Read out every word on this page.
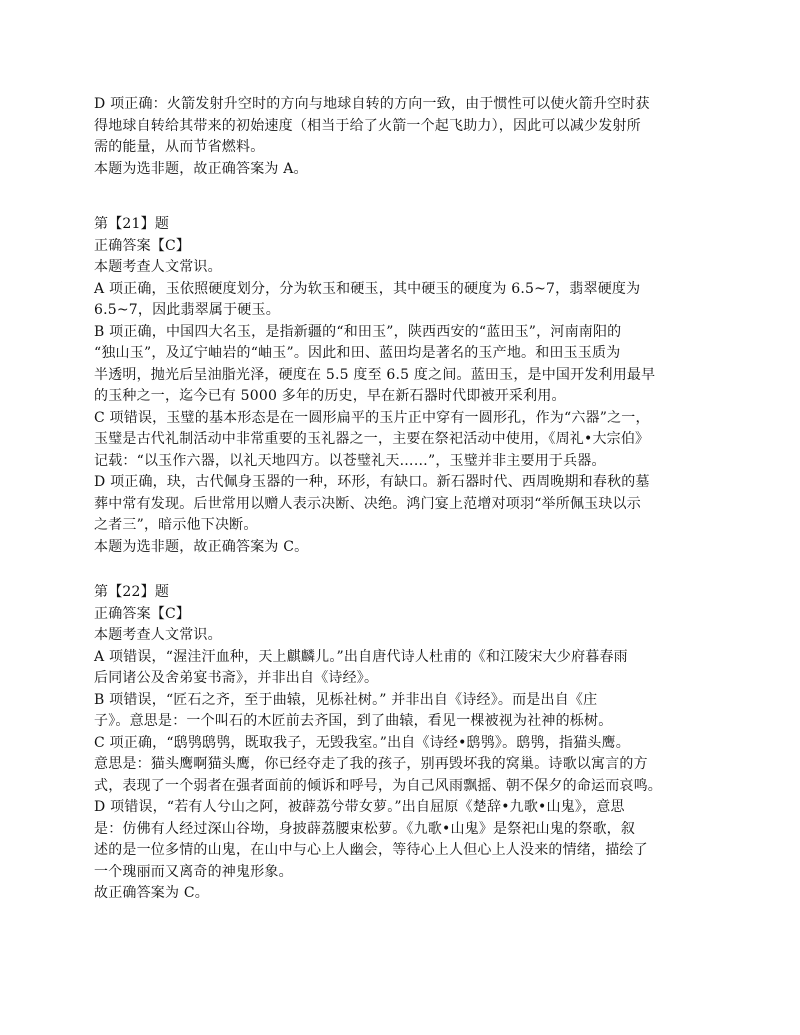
D 项正确：火箭发射升空时的方向与地球自转的方向一致，由于惯性可以使火箭升空时获
得地球自转给其带来的初始速度（相当于给了火箭一个起飞助力），因此可以减少发射所
需的能量，从而节省燃料。
本题为选非题，故正确答案为 A。
第【21】题
正确答案【C】
本题考查人文常识。
A 项正确，玉依照硬度划分，分为软玉和硬玉，其中硬玉的硬度为 6.5~7，翡翠硬度为
6.5~7，因此翡翠属于硬玉。
B 项正确，中国四大名玉，是指新疆的“和田玉”，陕西西安的“蓝田玉”，河南南阳的
“独山玉”，及辽宁岫岩的“岫玉”。因此和田、蓝田均是著名的玉产地。和田玉玉质为
半透明，抛光后呈油脂光泽，硬度在 5.5 度至 6.5 度之间。蓝田玉，是中国开发利用最早
的玉种之一，迄今已有 5000 多年的历史，早在新石器时代即被开采利用。
C 项错误，玉璧的基本形态是在一圆形扁平的玉片正中穿有一圆形孔，作为“六器”之一，
玉璧是古代礼制活动中非常重要的玉礼器之一，主要在祭祀活动中使用，《周礼•大宗伯》
记载：“以玉作六器，以礼天地四方。以苍璧礼天……”，玉璧并非主要用于兵器。
D 项正确，玦，古代佩身玉器的一种，环形，有缺口。新石器时代、西周晚期和春秋的墓
葬中常有发现。后世常用以赠人表示决断、决绝。鸿门宴上范增对项羽“举所佩玉玦以示
之者三”，暗示他下决断。
本题为选非题，故正确答案为 C。
第【22】题
正确答案【C】
本题考查人文常识。
A 项错误，“渥洼汗血种，天上麒麟儿。”出自唐代诗人杜甫的《和江陵宋大少府暮春雨
后同诸公及舍弟宴书斋》，并非出自《诗经》。
B 项错误，“匠石之齐，至于曲辕，见栎社树。” 并非出自《诗经》。而是出自《庄
子》。意思是：一个叫石的木匠前去齐国，到了曲辕，看见一棵被视为社神的栎树。
C 项正确，“鸱鸮鸱鸮，既取我子，无毁我室。”出自《诗经•鸱鸮》。鸱鸮，指猫头鹰。
意思是：猫头鹰啊猫头鹰，你已经夺走了我的孩子，别再毁坏我的窝巢。诗歌以寓言的方
式，表现了一个弱者在强者面前的倾诉和呼号，为自己风雨飘摇、朝不保夕的命运而哀鸣。
D 项错误，“若有人兮山之阿，被薜荔兮带女萝。”出自屈原《楚辞•九歌•山鬼》，意思
是：仿佛有人经过深山谷坳，身披薜荔腰束松萝。《九歌•山鬼》是祭祀山鬼的祭歌，叙
述的是一位多情的山鬼，在山中与心上人幽会，等待心上人但心上人没来的情绪，描绘了
一个瑰丽而又离奇的神鬼形象。
故正确答案为 C。
